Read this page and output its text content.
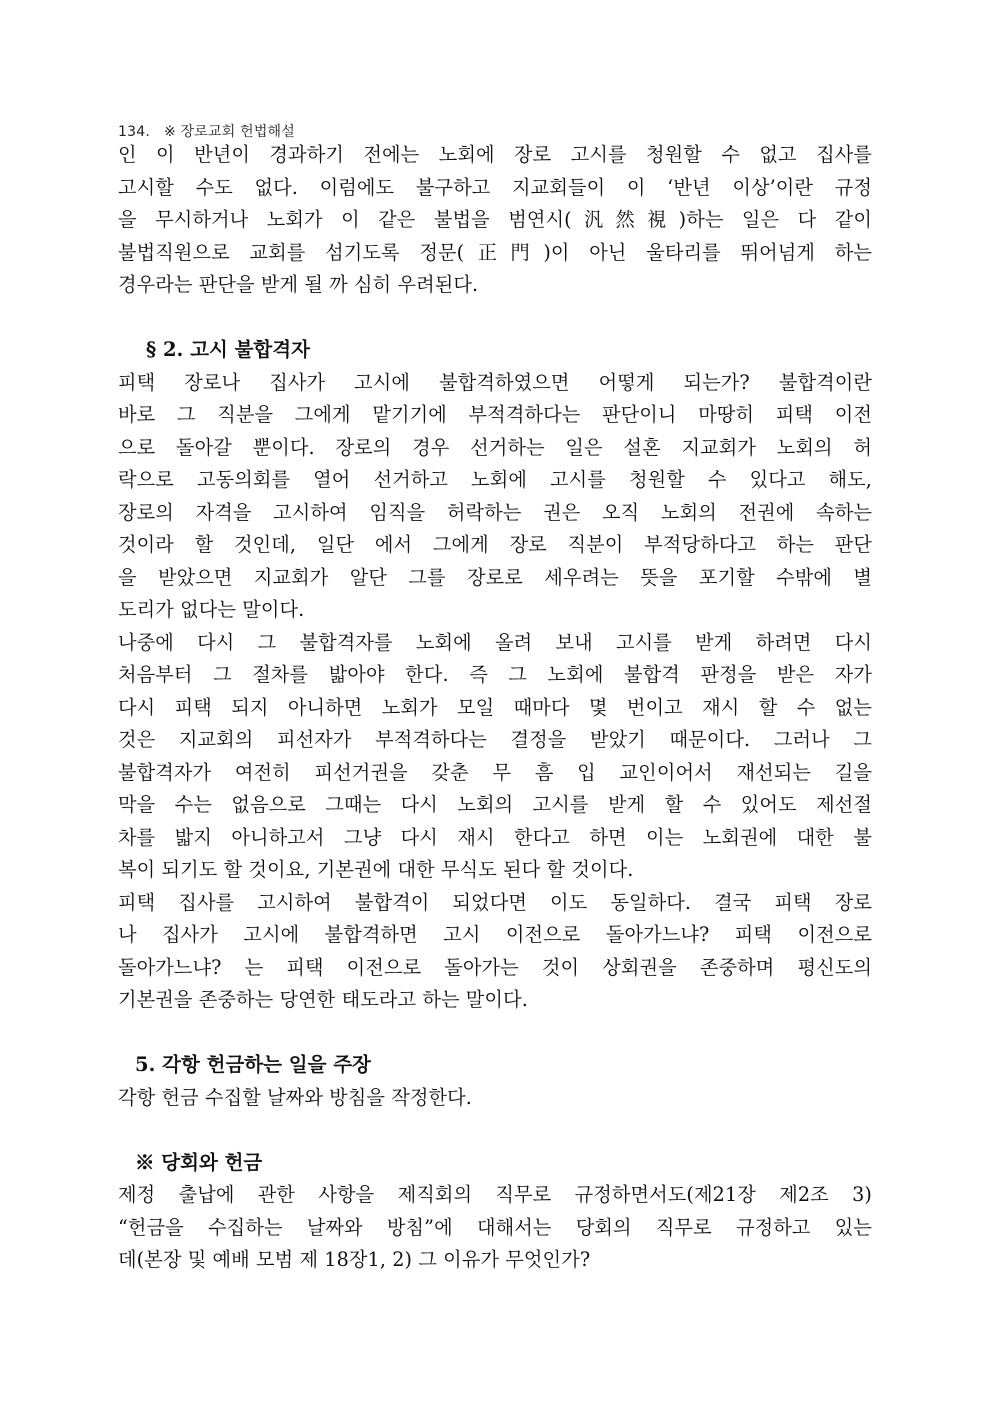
134. ※ 장로교회 헌법해설
인 이 반년이 경과하기 전에는 노회에 장로 고시를 청원할 수 없고 집사를
고시할 수도 없다. 이럼에도 불구하고 지교회들이 이 ‘반년 이상’이란 규정
을 무시하거나 노회가 이 같은 불법을 범연시(汎然視)하는 일은 다 같이
불법직원으로 교회를 섬기도록 정문(正門)이 아닌 울타리를 뛰어넘게 하는
경우라는 판단을 받게 될 까 심히 우려된다.
§ 2. 고시 불합격자
피택 장로나 집사가 고시에 불합격하였으면 어떻게 되는가? 불합격이란
바로 그 직분을 그에게 맡기기에 부적격하다는 판단이니 마땅히 피택 이전
으로 돌아갈 뿐이다. 장로의 경우 선거하는 일은 설혼 지교회가 노회의 허
락으로 고동의회를 열어 선거하고 노회에 고시를 청원할 수 있다고 해도,
장로의 자격을 고시하여 임직을 허락하는 권은 오직 노회의 전권에 속하는
것이라 할 것인데, 일단 에서 그에게 장로 직분이 부적당하다고 하는 판단
을 받았으면 지교회가 알단 그를 장로로 세우려는 뜻을 포기할 수밖에 별
도리가 없다는 말이다.
나중에 다시 그 불합격자를 노회에 올려 보내 고시를 받게 하려면 다시
처음부터 그 절차를 밟아야 한다. 즉 그 노회에 불합격 판정을 받은 자가
다시 피택 되지 아니하면 노회가 모일 때마다 몇 번이고 재시 할 수 없는
것은 지교회의 피선자가 부적격하다는 결정을 받았기 때문이다. 그러나 그
불합격자가 여전히 피선거권을 갖춘 무 흠 입 교인이어서 재선되는 길을
막을 수는 없음으로 그때는 다시 노회의 고시를 받게 할 수 있어도 제선절
차를 밟지 아니하고서 그냥 다시 재시 한다고 하면 이는 노회권에 대한 불
복이 되기도 할 것이요, 기본권에 대한 무식도 된다 할 것이다.
피택 집사를 고시하여 불합격이 되었다면 이도 동일하다. 결국 피택 장로
나 집사가 고시에 불합격하면 고시 이전으로 돌아가느냐? 피택 이전으로
돌아가느냐? 는 피택 이전으로 돌아가는 것이 상회권을 존중하며 평신도의
기본권을 존중하는 당연한 태도라고 하는 말이다.
5. 각항 헌금하는 일을 주장
각항 헌금 수집할 날짜와 방침을 작정한다.
※ 당회와 헌금
제정 출납에 관한 사항을 제직회의 직무로 규정하면서도(제21장 제2조 3)
“헌금을 수집하는 날짜와 방침”에 대해서는 당회의 직무로 규정하고 있는
데(본장 및 예배 모범 제 18장1, 2) 그 이유가 무엇인가?
